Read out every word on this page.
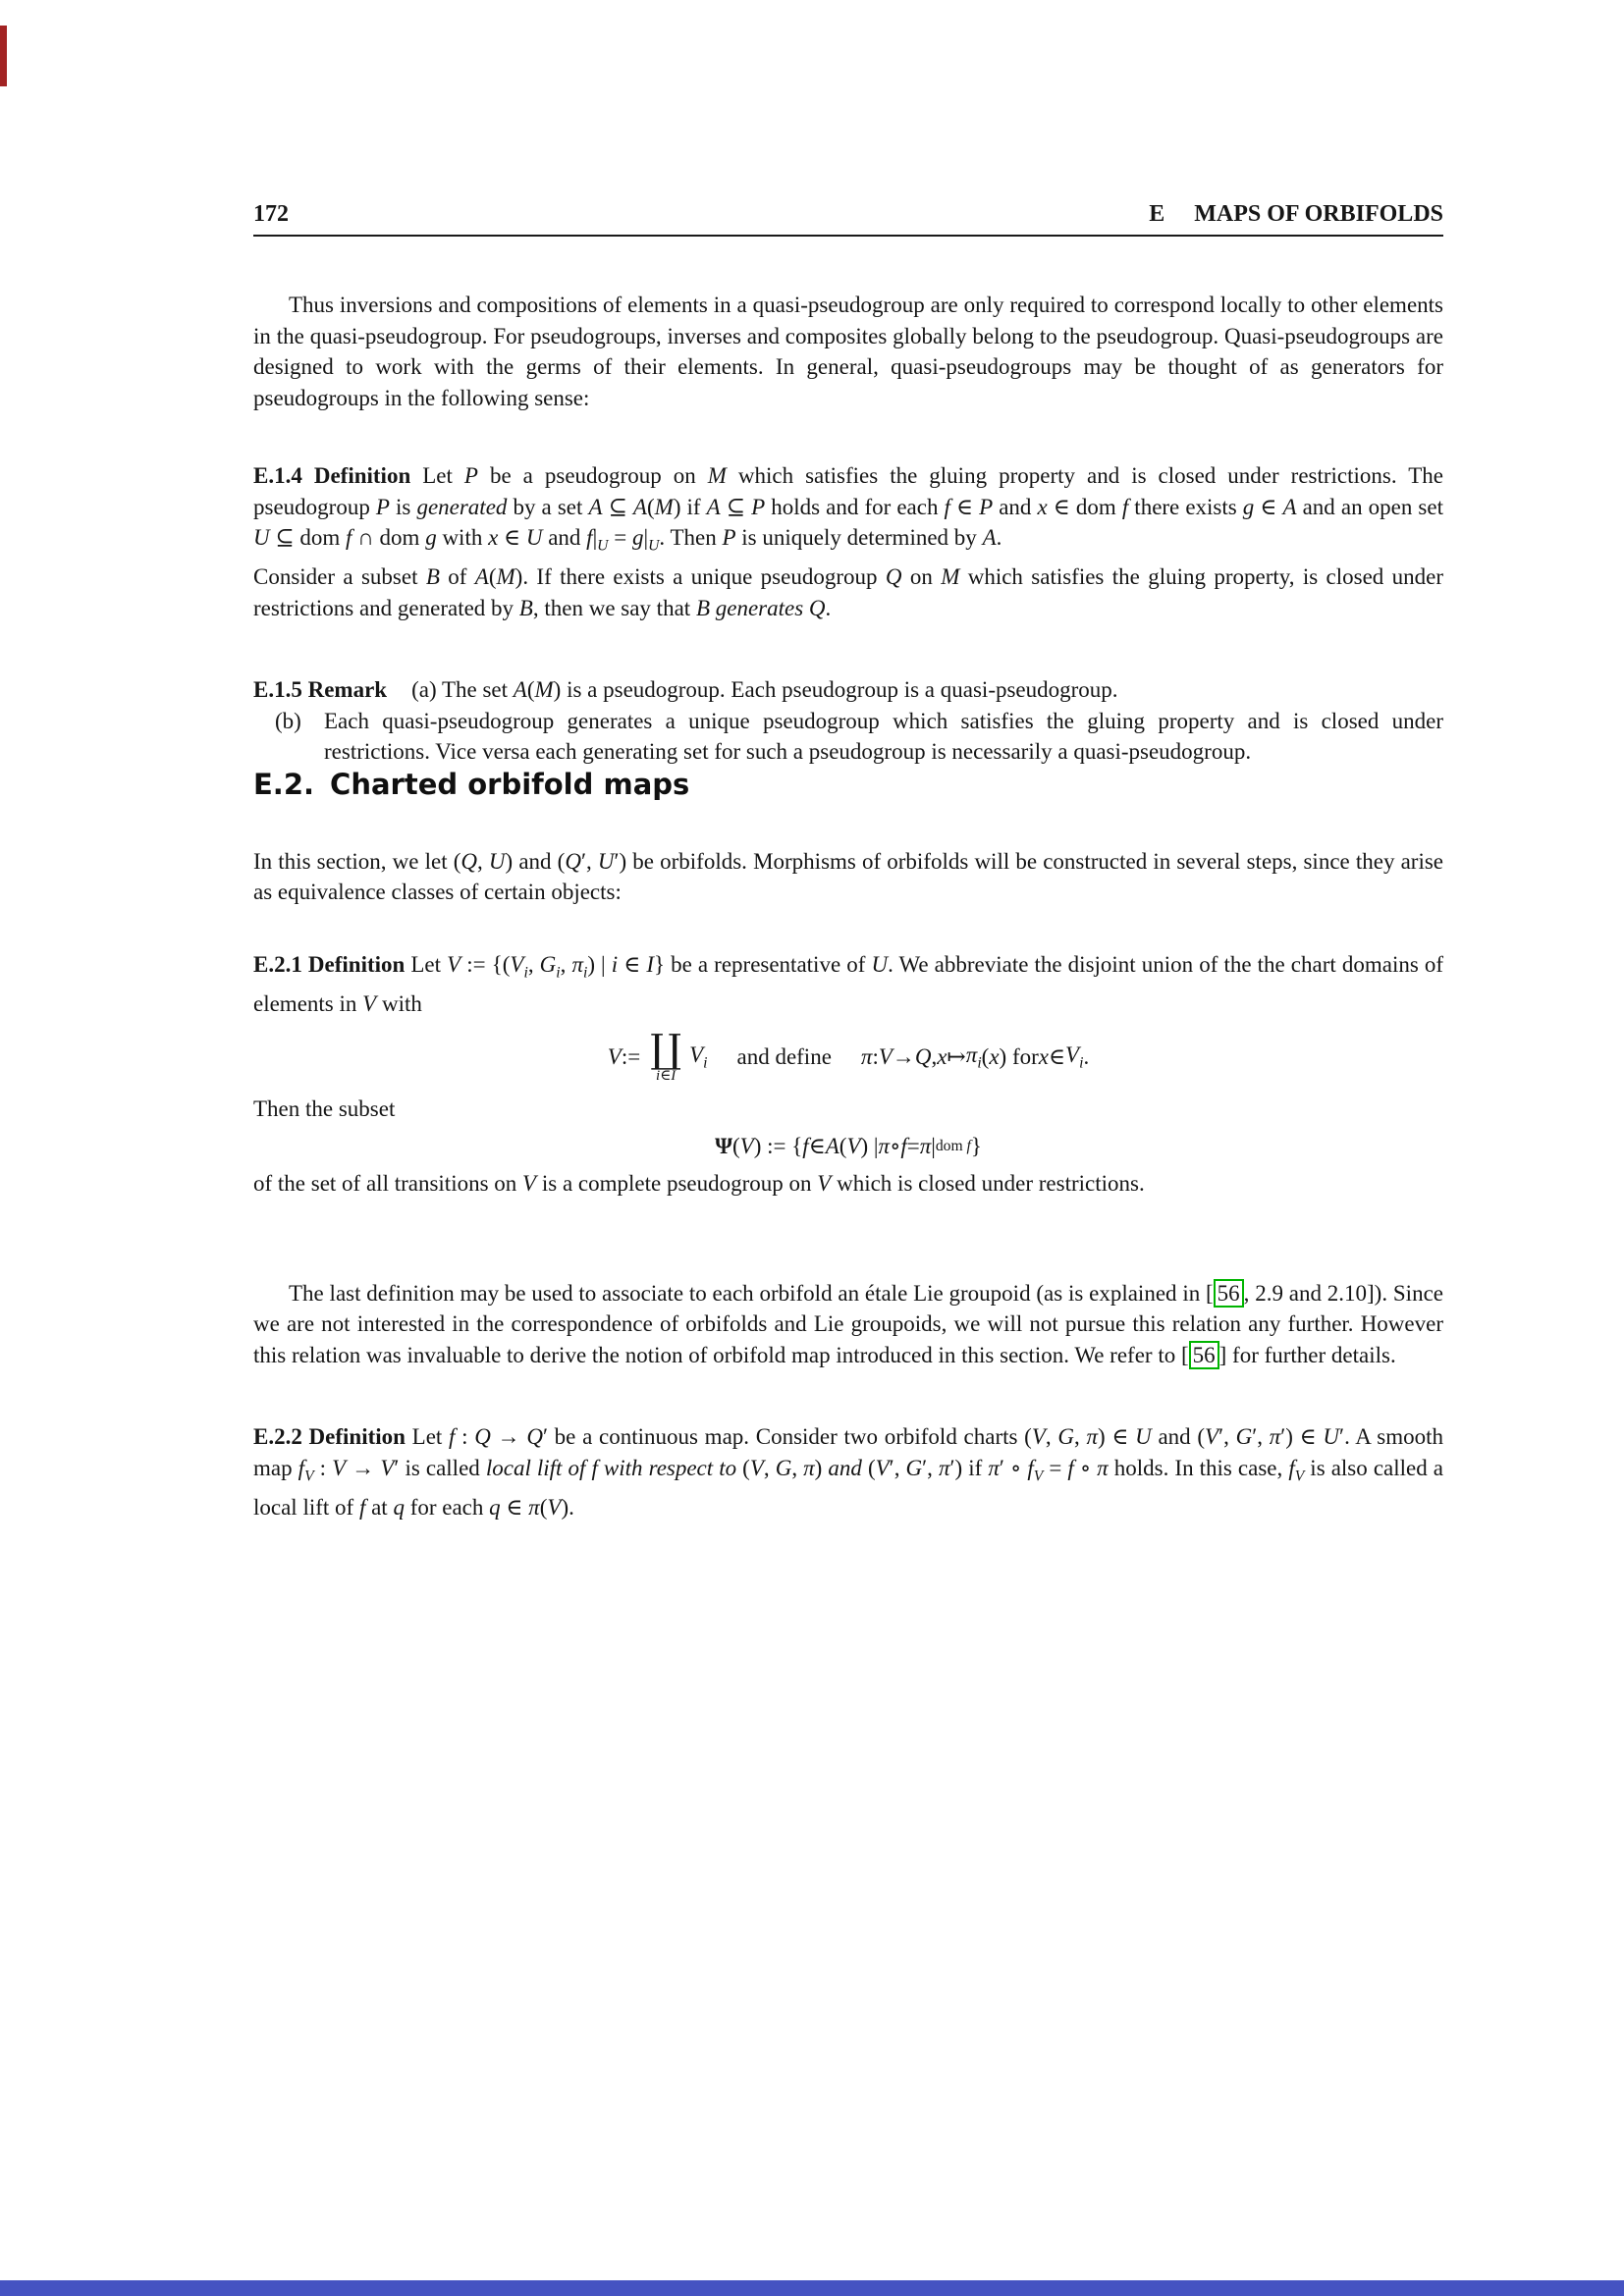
172	E MAPS OF ORBIFOLDS

Thus inversions and compositions of elements in a quasi-pseudogroup are only required to correspond locally to other elements in the quasi-pseudogroup. For pseudogroups, inverses and composites globally belong to the pseudogroup. Quasi-pseudogroups are designed to work with the germs of their elements. In general, quasi-pseudogroups may be thought of as generators for pseudogroups in the following sense:

E.1.4 Definition Let P be a pseudogroup on M which satisfies the gluing property and is closed under restrictions. The pseudogroup P is generated by a set A ⊆ A(M) if A ⊆ P holds and for each f ∈ P and x ∈ dom f there exists g ∈ A and an open set U ⊆ dom f ∩ dom g with x ∈ U and $f|_U = g|_U$. Then P is uniquely determined by A.
Consider a subset B of A(M). If there exists a unique pseudogroup Q on M which satisfies the gluing property, is closed under restrictions and generated by B, then we say that B generates Q.

E.1.5 Remark (a) The set A(M) is a pseudogroup. Each pseudogroup is a quasi-pseudogroup.

(b)	Each quasi-pseudogroup generates a unique pseudogroup which satisfies the gluing property and is closed under restrictions. Vice versa each generating set for such a pseudogroup is necessarily a quasi-pseudogroup.
E.2. Charted orbifold maps

In this section, we let (Q, U) and (Q′, U′) be orbifolds. Morphisms of orbifolds will be constructed in several steps, since they arise as equivalence classes of certain objects:

E.2.1 Definition Let V := {($V_i$, $G_i$, $\pi_i$) | i ∈ I} be a representative of U. We abbreviate the disjoint union of the the chart domains of elements in V with

V := ∐
i∈I
$V_i$ and define π : V → Q , x ↦ $\pi_i$ ( x ) for x ∈ $V_i$ .

Then the subset

Ψ ( V ) := { f ∈ A ( V ) | π ∘ f = π | dom f }

of the set of all transitions on V is a complete pseudogroup on V which is closed under restrictions.

The last definition may be used to associate to each orbifold an étale Lie groupoid (as is explained in [ 56 , 2.9 and 2.10]). Since we are not interested in the correspondence of orbifolds and Lie groupoids, we will not pursue this relation any further. However this relation was invaluable to derive the notion of orbifold map introduced in this section. We refer to [ 56 ] for further details.

E.2.2 Definition Let f : Q → Q′ be a continuous map. Consider two orbifold charts (V, G, π) ∈ U and (V′, G′, π′) ∈ U′. A smooth map $f_V$ : V → V′ is called local lift of f with respect to (V, G, π) and (V′, G′, π′) if π′ ∘ $f_V = f$ ∘ π holds. In this case, $f_V$ is also called a local lift of f at q for each q ∈ π(V).
